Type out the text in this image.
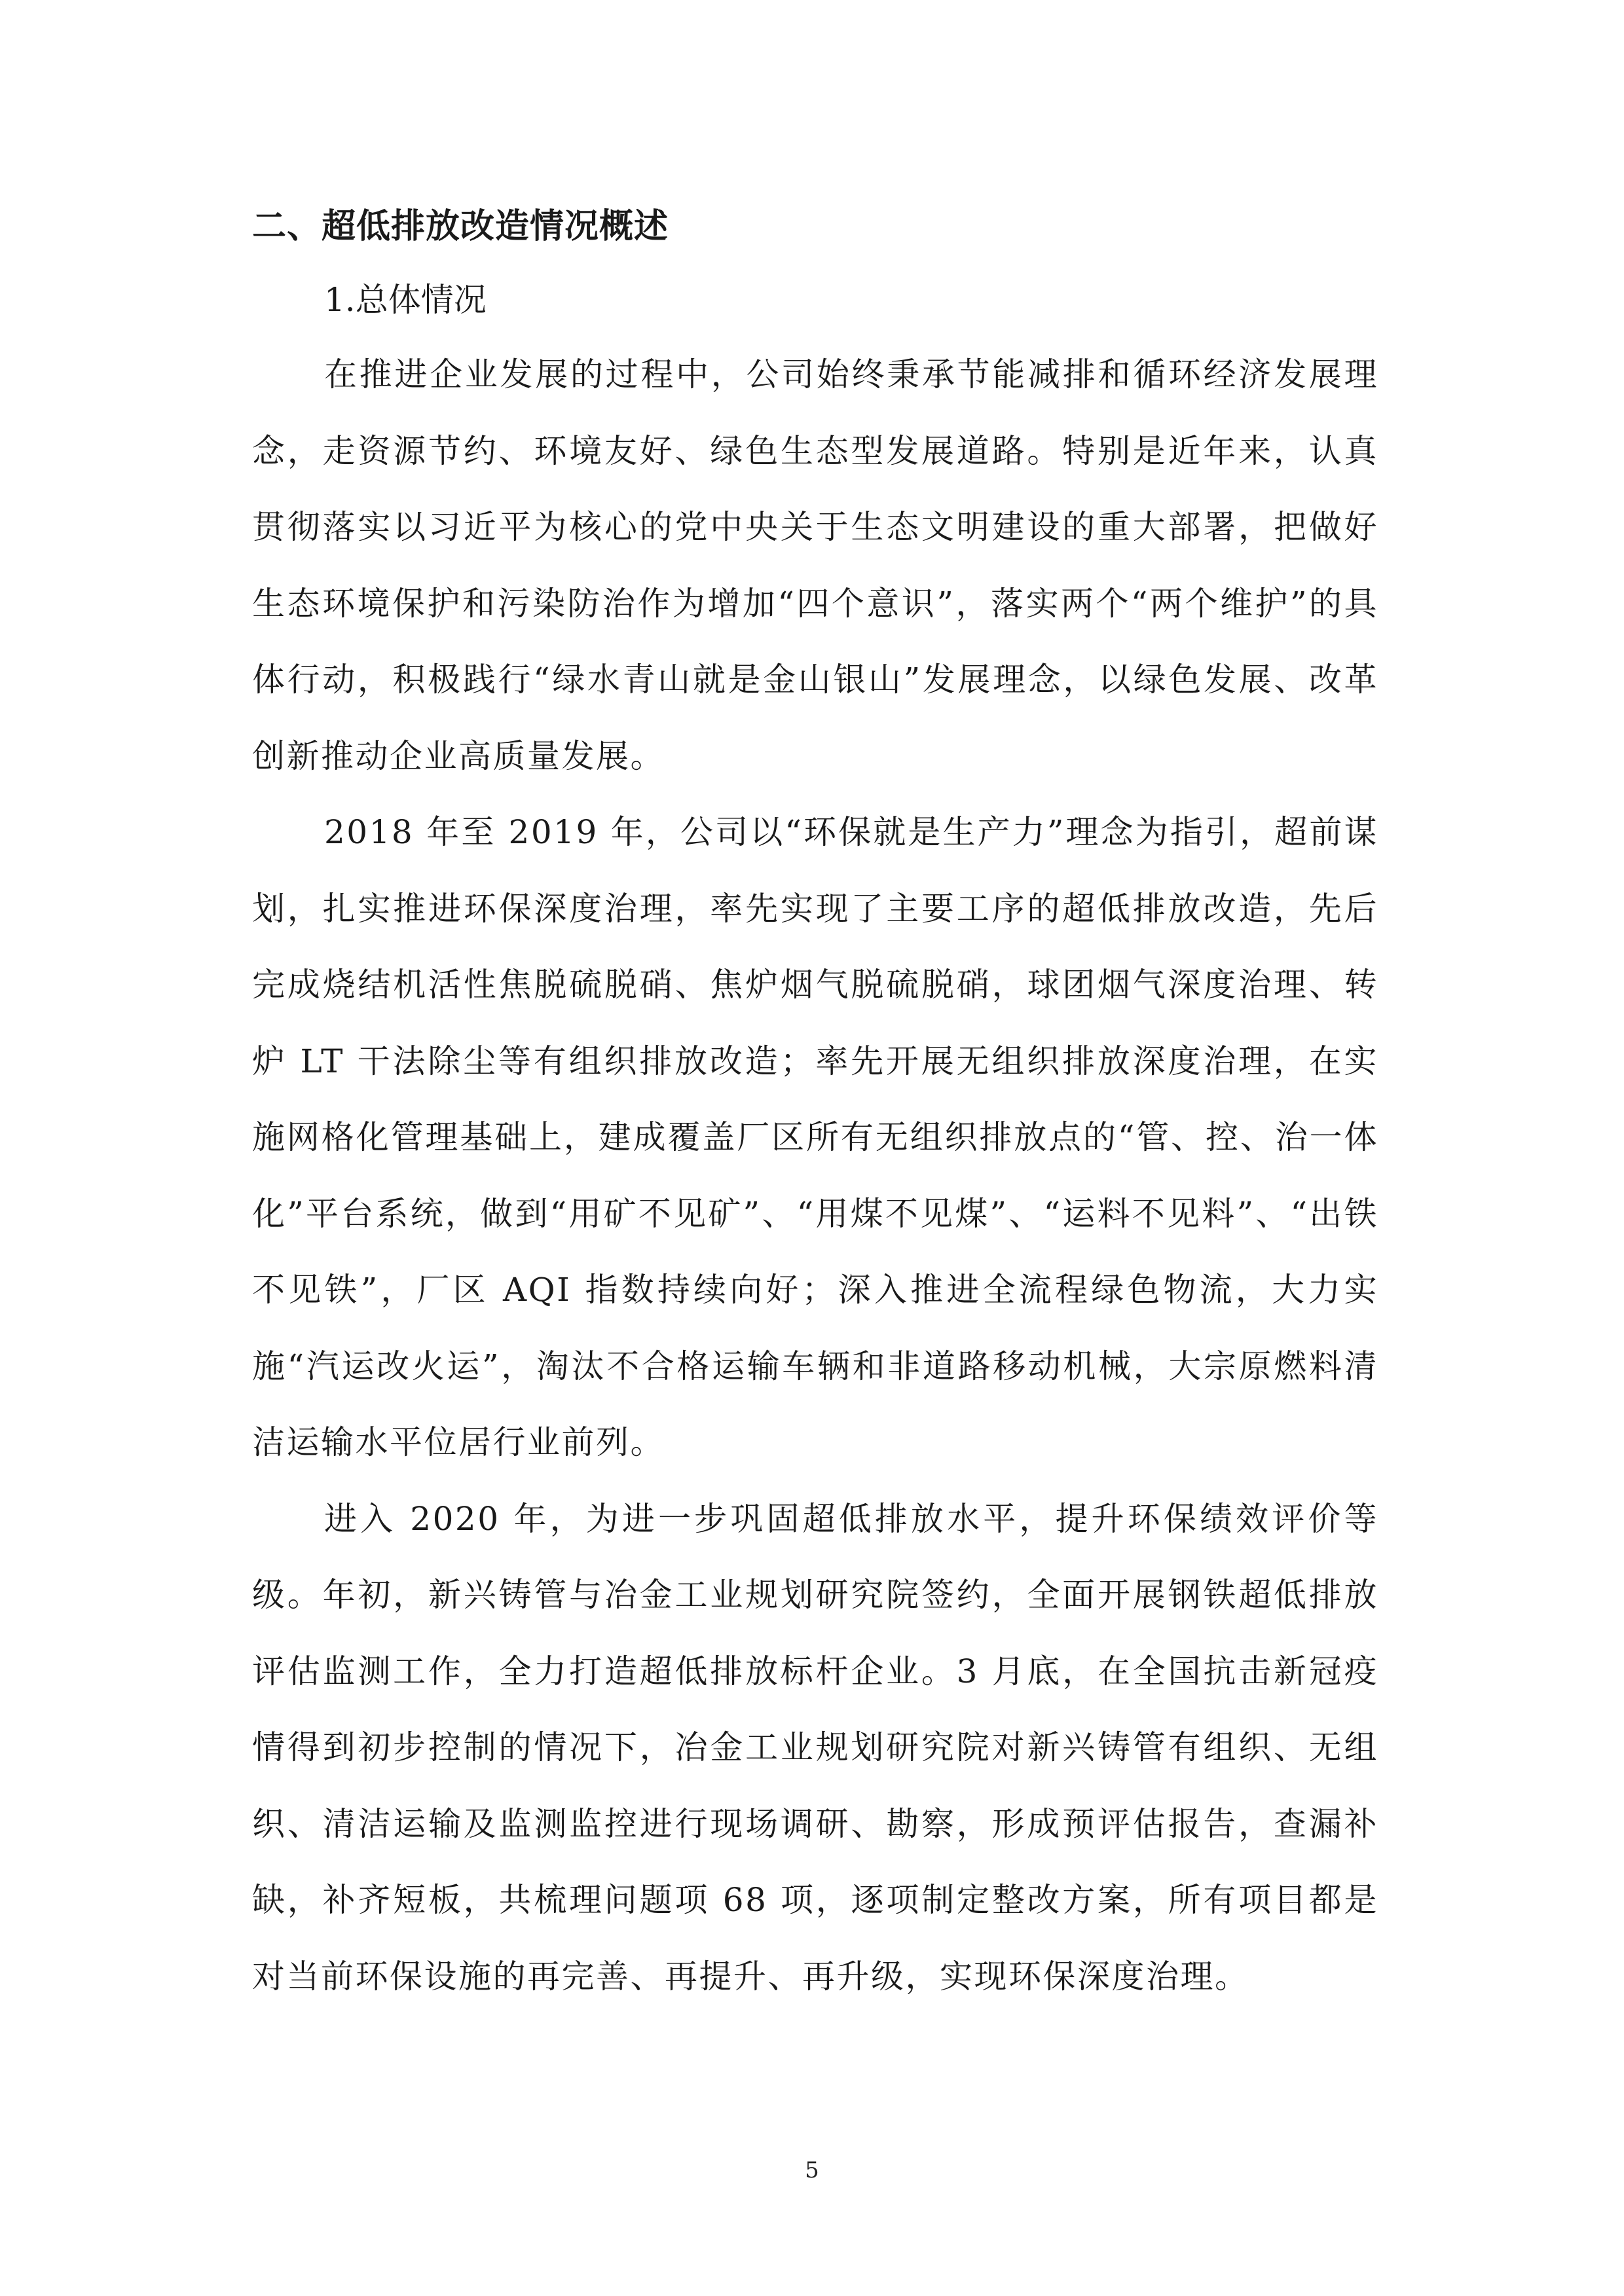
二、超低排放改造情况概述

1.总体情况

在推进企业发展的过程中，公司始终秉承节能减排和循环经济发展理念，走资源节约、环境友好、绿色生态型发展道路。特别是近年来，认真贯彻落实以习近平为核心的党中央关于生态文明建设的重大部署，把做好生态环境保护和污染防治作为增加“四个意识”，落实两个“两个维护”的具体行动，积极践行“绿水青山就是金山银山”发展理念，以绿色发展、改革创新推动企业高质量发展。

2018 年至 2019 年，公司以“环保就是生产力”理念为指引，超前谋划，扎实推进环保深度治理，率先实现了主要工序的超低排放改造，先后完成烧结机活性焦脱硫脱硝、焦炉烟气脱硫脱硝，球团烟气深度治理、转炉 LT 干法除尘等有组织排放改造；率先开展无组织排放深度治理，在实施网格化管理基础上，建成覆盖厂区所有无组织排放点的“管、控、治一体化”平台系统，做到“用矿不见矿”、“用煤不见煤”、“运料不见料”、“出铁不见铁”，厂区 AQI 指数持续向好；深入推进全流程绿色物流，大力实施“汽运改火运”，淘汰不合格运输车辆和非道路移动机械，大宗原燃料清洁运输水平位居行业前列。

进入 2020 年，为进一步巩固超低排放水平，提升环保绩效评价等级。年初，新兴铸管与冶金工业规划研究院签约，全面开展钢铁超低排放评估监测工作，全力打造超低排放标杆企业。3 月底，在全国抗击新冠疫情得到初步控制的情况下，冶金工业规划研究院对新兴铸管有组织、无组织、清洁运输及监测监控进行现场调研、勘察，形成预评估报告，查漏补缺，补齐短板，共梳理问题项 68 项，逐项制定整改方案，所有项目都是对当前环保设施的再完善、再提升、再升级，实现环保深度治理。

5
